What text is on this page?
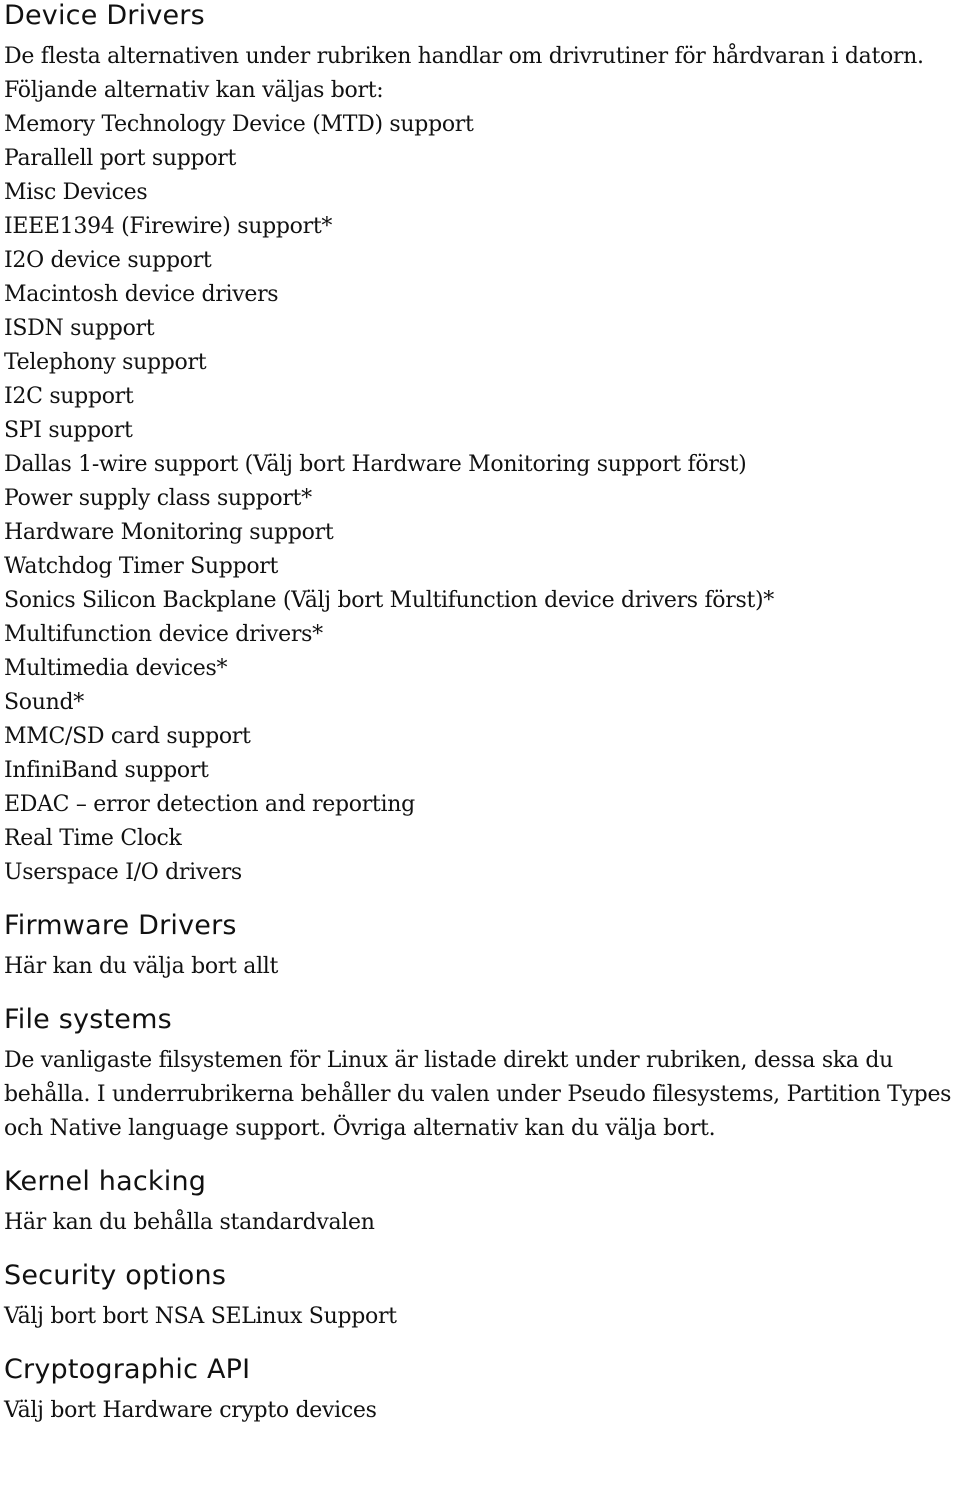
Device Drivers

De flesta alternativen under rubriken handlar om drivrutiner för hårdvaran i datorn. Följande alternativ kan väljas bort:

Memory Technology Device (MTD) support
Parallell port support
Misc Devices
IEEE1394 (Firewire) support*
I2O device support
Macintosh device drivers
ISDN support
Telephony support
I2C support
SPI support
Dallas 1-wire support (Välj bort Hardware Monitoring support först)
Power supply class support*
Hardware Monitoring support
Watchdog Timer Support
Sonics Silicon Backplane (Välj bort Multifunction device drivers först)*
Multifunction device drivers*
Multimedia devices*
Sound*
MMC/SD card support
InfiniBand support
EDAC – error detection and reporting
Real Time Clock
Userspace I/O drivers
Firmware Drivers

Här kan du välja bort allt

File systems

De vanligaste filsystemen för Linux är listade direkt under rubriken, dessa ska du behålla. I underrubrikerna behåller du valen under Pseudo filesystems, Partition Types och Native language support. Övriga alternativ kan du välja bort.

Kernel hacking

Här kan du behålla standardvalen

Security options

Välj bort bort NSA SELinux Support

Cryptographic API

Välj bort Hardware crypto devices
